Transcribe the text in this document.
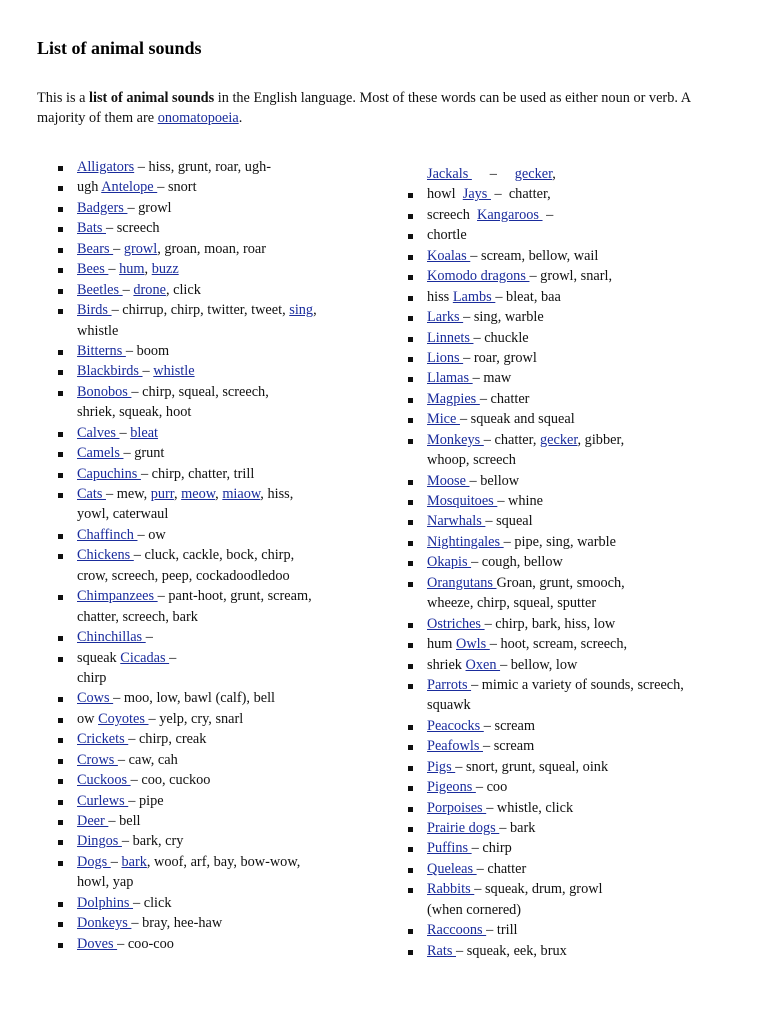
List of animal sounds

This is a list of animal sounds in the English language. Most of these words can be used as either noun or verb. A majority of them are onomatopoeia.

Alligators – hiss, grunt, roar, ugh-
ugh Antelope – snort
Badgers – growl
Bats – screech
Bears – growl, groan, moan, roar
Bees – hum, buzz
Beetles – drone, click
Birds – chirrup, chirp, twitter, tweet, sing,
whistle
Bitterns – boom
Blackbirds – whistle
Bonobos – chirp, squeal, screech,
shriek, squeak, hoot
Calves – bleat
Camels – grunt
Capuchins – chirp, chatter, trill
Cats – mew, purr, meow, miaow, hiss,
yowl, caterwaul
Chaffinch – ow
Chickens – cluck, cackle, bock, chirp,
crow, screech, peep, cockadoodledoo
Chimpanzees – pant-hoot, grunt, scream,
chatter, screech, bark
Chinchillas –
squeak Cicadas –
chirp
Cows – moo, low, bawl (calf), bell
ow Coyotes – yelp, cry, snarl
Crickets – chirp, creak
Crows – caw, cah
Cuckoos – coo, cuckoo
Curlews – pipe
Deer – bell
Dingos – bark, cry
Dogs – bark, woof, arf, bay, bow-wow,
howl, yap
Dolphins – click
Donkeys – bray, hee-haw
Doves – coo-coo
Jackals      –     gecker,
howl  Jays  –  chatter,
screech  Kangaroos  –
chortle
Koalas – scream, bellow, wail
Komodo dragons – growl, snarl,
hiss Lambs – bleat, baa
Larks – sing, warble
Linnets – chuckle
Lions – roar, growl
Llamas – maw
Magpies – chatter
Mice – squeak and squeal
Monkeys – chatter, gecker, gibber,
whoop, screech
Moose – bellow
Mosquitoes – whine
Narwhals – squeal
Nightingales – pipe, sing, warble
Okapis – cough, bellow
Orangutans Groan, grunt, smooch,
wheeze, chirp, squeal, sputter
Ostriches – chirp, bark, hiss, low
hum Owls – hoot, scream, screech,
shriek Oxen – bellow, low
Parrots – mimic a variety of sounds, screech,
squawk
Peacocks – scream
Peafowls – scream
Pigs – snort, grunt, squeal, oink
Pigeons – coo
Porpoises – whistle, click
Prairie dogs – bark
Puffins – chirp
Queleas – chatter
Rabbits – squeak, drum, growl
(when cornered)
Raccoons – trill
Rats – squeak, eek, brux
